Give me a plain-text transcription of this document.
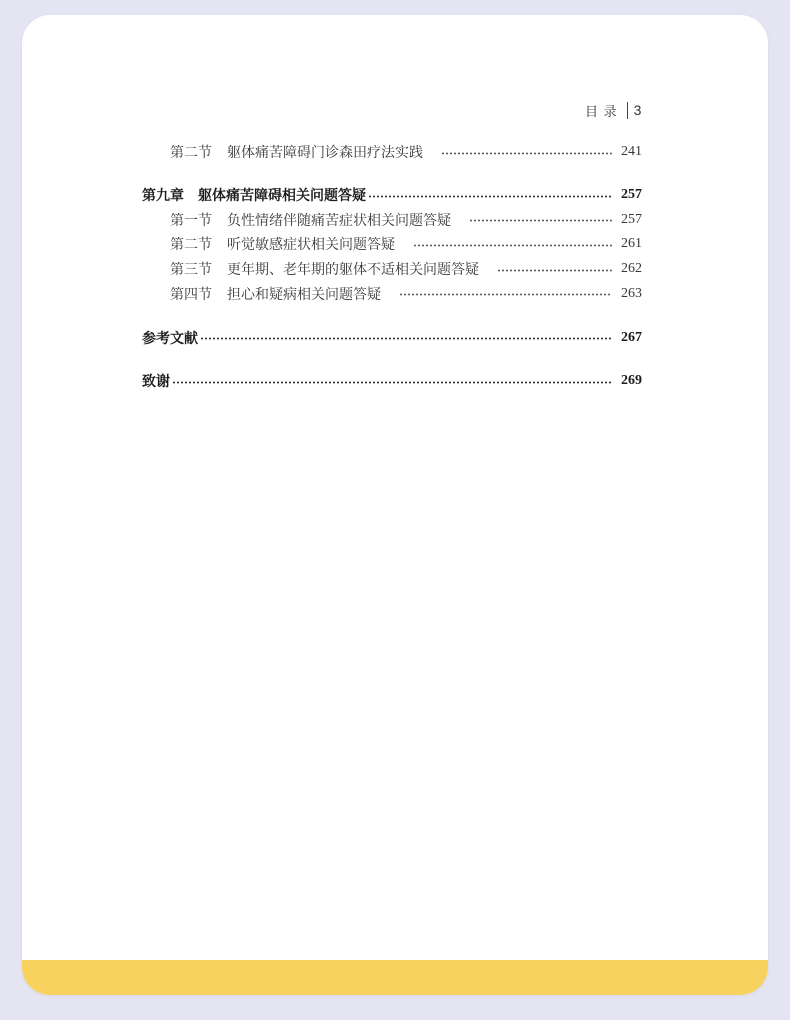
目 录 3
第二节 躯体痛苦障碍门诊森田疗法实践	241
第九章 躯体痛苦障碍相关问题答疑	257
第一节 负性情绪伴随痛苦症状相关问题答疑	257
第二节 听觉敏感症状相关问题答疑	261
第三节 更年期、老年期的躯体不适相关问题答疑	262
第四节 担心和疑病相关问题答疑	263
参考文献	267
致谢	269
